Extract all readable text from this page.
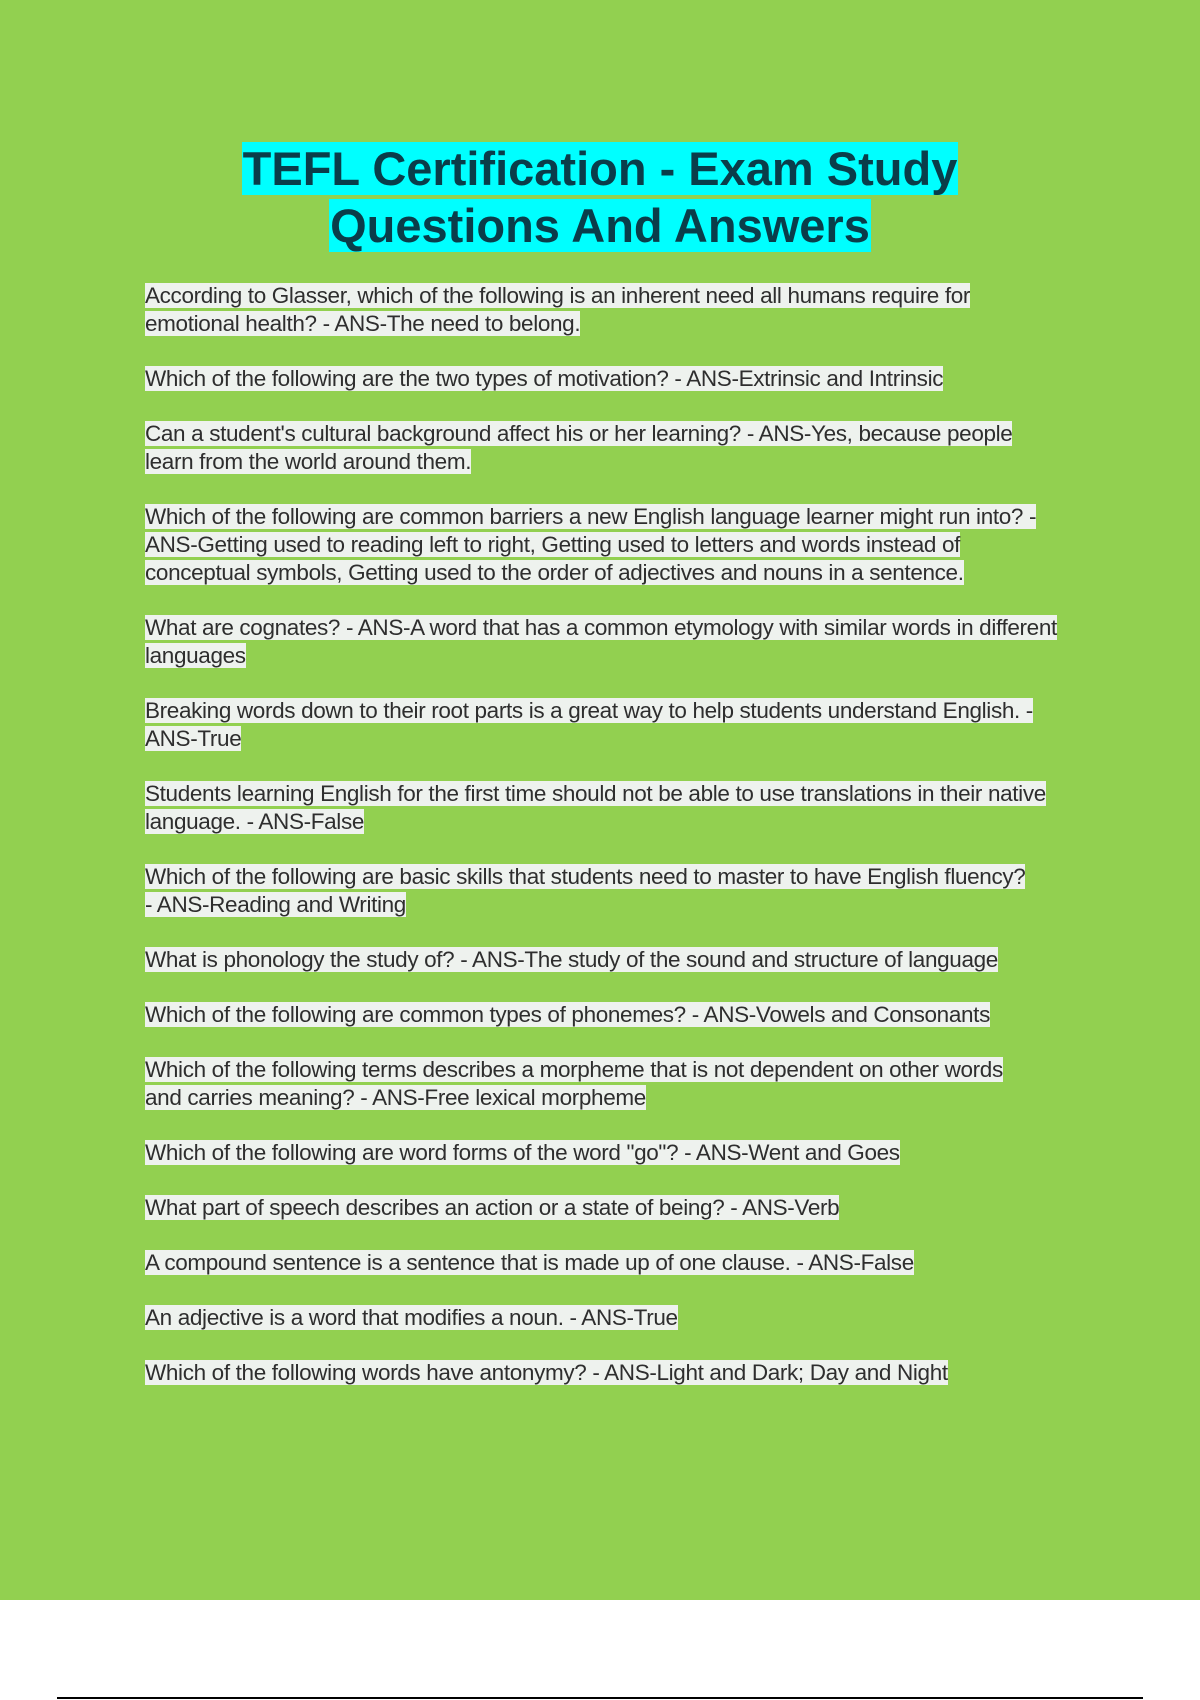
TEFL Certification - Exam Study
Questions And Answers

According to Glasser, which of the following is an inherent need all humans require for emotional health? - ANS-The need to belong.

Which of the following are the two types of motivation? - ANS-Extrinsic and Intrinsic

Can a student's cultural background affect his or her learning? - ANS-Yes, because people learn from the world around them.

Which of the following are common barriers a new English language learner might run into? - ANS-Getting used to reading left to right, Getting used to letters and words instead of conceptual symbols, Getting used to the order of adjectives and nouns in a sentence.

What are cognates? - ANS-A word that has a common etymology with similar words in different languages

Breaking words down to their root parts is a great way to help students understand English. - ANS-True

Students learning English for the first time should not be able to use translations in their native language. - ANS-False

Which of the following are basic skills that students need to master to have English fluency? - ANS-Reading and Writing

What is phonology the study of? - ANS-The study of the sound and structure of language

Which of the following are common types of phonemes? - ANS-Vowels and Consonants

Which of the following terms describes a morpheme that is not dependent on other words and carries meaning? - ANS-Free lexical morpheme

Which of the following are word forms of the word "go"? - ANS-Went and Goes

What part of speech describes an action or a state of being? - ANS-Verb

A compound sentence is a sentence that is made up of one clause. - ANS-False

An adjective is a word that modifies a noun. - ANS-True

Which of the following words have antonymy? - ANS-Light and Dark; Day and Night
